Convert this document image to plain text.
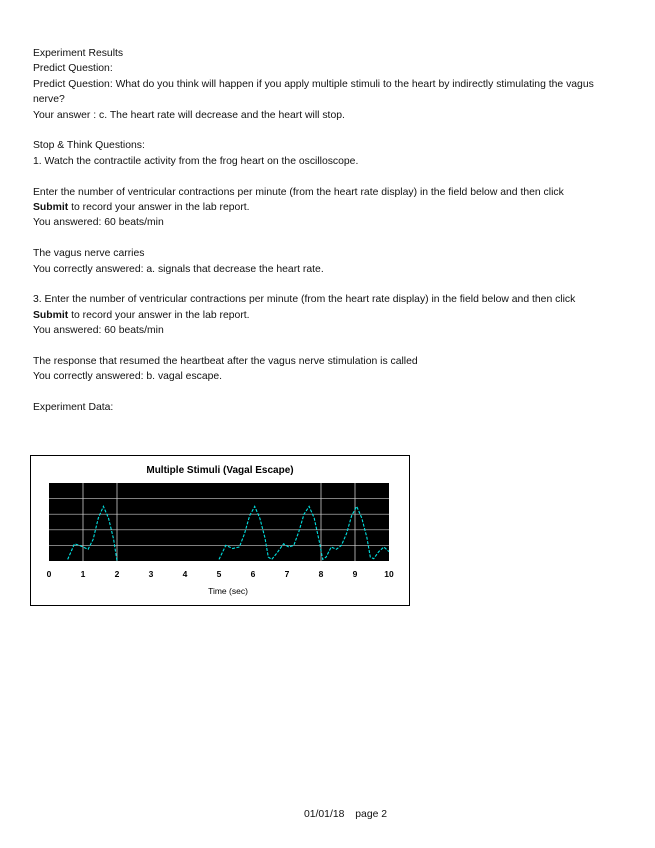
Experiment Results
Predict Question:
Predict Question: What do you think will happen if you apply multiple stimuli to the heart by indirectly stimulating the vagus nerve?
Your answer : c. The heart rate will decrease and the heart will stop.
Stop & Think Questions:
1. Watch the contractile activity from the frog heart on the oscilloscope.
Enter the number of ventricular contractions per minute (from the heart rate display) in the field below and then click
Submit to record your answer in the lab report.
You answered: 60 beats/min
The vagus nerve carries
You correctly answered: a. signals that decrease the heart rate.
3. Enter the number of ventricular contractions per minute (from the heart rate display) in the field below and then click
Submit to record your answer in the lab report.
You answered: 60 beats/min
The response that resumed the heartbeat after the vagus nerve stimulation is called
You correctly answered: b. vagal escape.
Experiment Data:
Multiple Stimuli (Vagal Escape)
0	1	2	3	4	5	6	7	8	9	10
Time (sec)
01/01/18 page 2
